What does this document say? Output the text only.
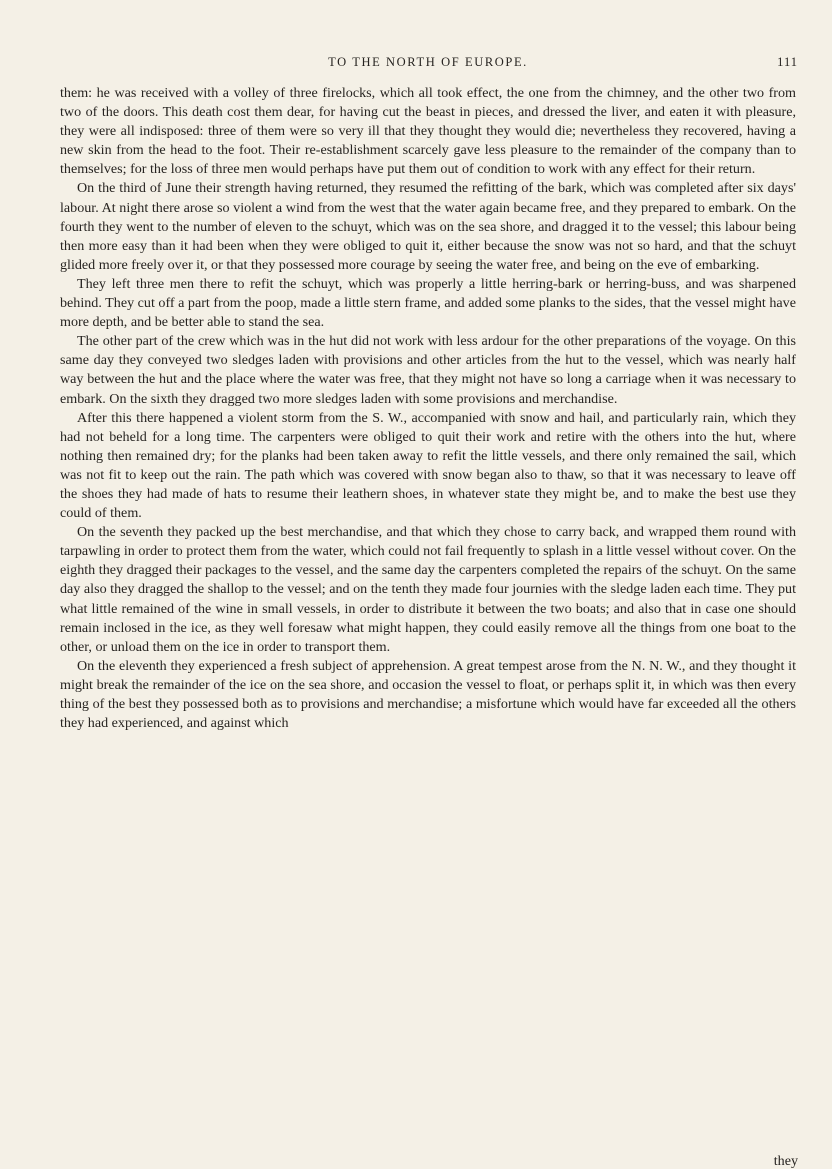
TO THE NORTH OF EUROPE.	111

them: he was received with a volley of three firelocks, which all took effect, the one from the chimney, and the other two from two of the doors. This death cost them dear, for having cut the beast in pieces, and dressed the liver, and eaten it with pleasure, they were all indisposed: three of them were so very ill that they thought they would die; nevertheless they recovered, having a new skin from the head to the foot. Their re-establishment scarcely gave less pleasure to the remainder of the company than to themselves; for the loss of three men would perhaps have put them out of condition to work with any effect for their return.

On the third of June their strength having returned, they resumed the refitting of the bark, which was completed after six days' labour. At night there arose so violent a wind from the west that the water again became free, and they prepared to embark. On the fourth they went to the number of eleven to the schuyt, which was on the sea shore, and dragged it to the vessel; this labour being then more easy than it had been when they were obliged to quit it, either because the snow was not so hard, and that the schuyt glided more freely over it, or that they possessed more courage by seeing the water free, and being on the eve of embarking.

They left three men there to refit the schuyt, which was properly a little herring-bark or herring-buss, and was sharpened behind. They cut off a part from the poop, made a little stern frame, and added some planks to the sides, that the vessel might have more depth, and be better able to stand the sea.

The other part of the crew which was in the hut did not work with less ardour for the other preparations of the voyage. On this same day they conveyed two sledges laden with provisions and other articles from the hut to the vessel, which was nearly half way between the hut and the place where the water was free, that they might not have so long a carriage when it was necessary to embark. On the sixth they dragged two more sledges laden with some provisions and merchandise.

After this there happened a violent storm from the S. W., accompanied with snow and hail, and particularly rain, which they had not beheld for a long time. The carpenters were obliged to quit their work and retire with the others into the hut, where nothing then remained dry; for the planks had been taken away to refit the little vessels, and there only remained the sail, which was not fit to keep out the rain. The path which was covered with snow began also to thaw, so that it was necessary to leave off the shoes they had made of hats to resume their leathern shoes, in whatever state they might be, and to make the best use they could of them.

On the seventh they packed up the best merchandise, and that which they chose to carry back, and wrapped them round with tarpawling in order to protect them from the water, which could not fail frequently to splash in a little vessel without cover. On the eighth they dragged their packages to the vessel, and the same day the carpenters completed the repairs of the schuyt. On the same day also they dragged the shallop to the vessel; and on the tenth they made four journies with the sledge laden each time. They put what little remained of the wine in small vessels, in order to distribute it between the two boats; and also that in case one should remain inclosed in the ice, as they well foresaw what might happen, they could easily remove all the things from one boat to the other, or unload them on the ice in order to transport them.

On the eleventh they experienced a fresh subject of apprehension. A great tempest arose from the N. N. W., and they thought it might break the remainder of the ice on the sea shore, and occasion the vessel to float, or perhaps split it, in which was then every thing of the best they possessed both as to provisions and merchandise; a misfortune which would have far exceeded all the others they had experienced, and against which

they
